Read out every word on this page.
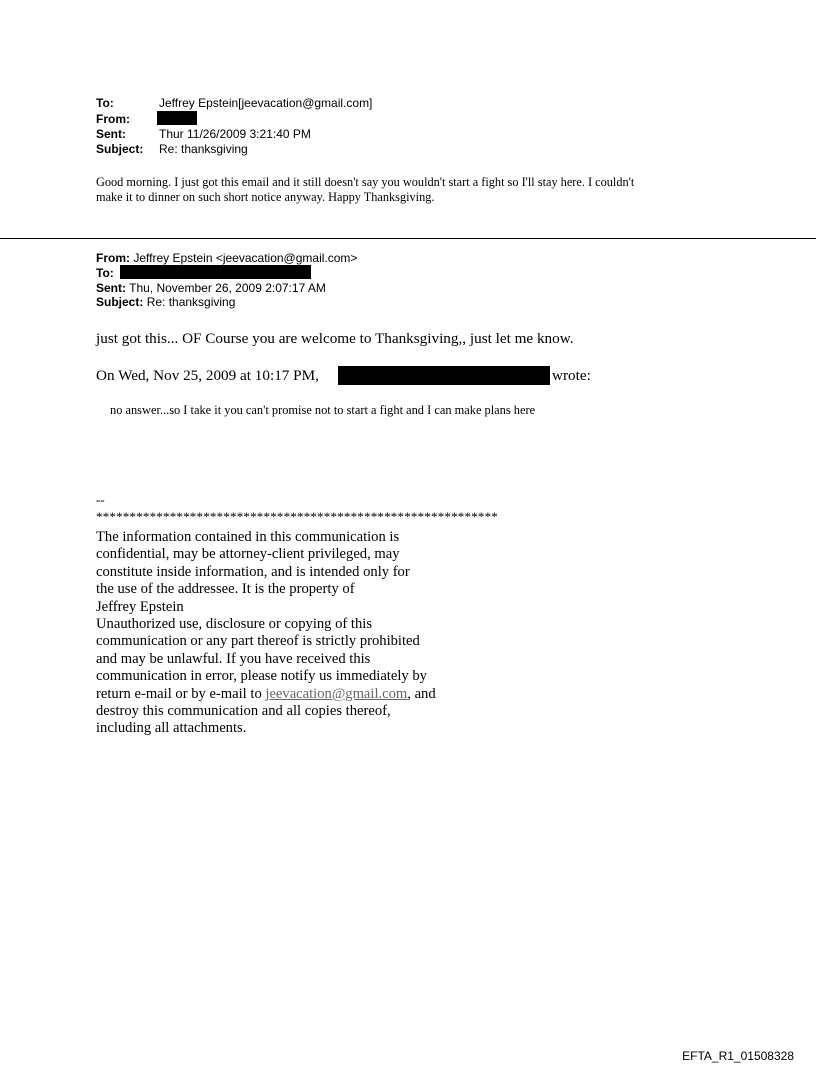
To:	Jeffrey Epstein[jeevacation@gmail.com]
From:
Sent:	Thur 11/26/2009 3:21:40 PM
Subject: Re: thanksgiving
Good morning. I just got this email and it still doesn't say you wouldn't start a fight so I'll stay here. I couldn't
make it to dinner on such short notice anyway. Happy Thanksgiving.
From: Jeffrey Epstein <jeevacation@gmail.com>
To:
Sent: Thu, November 26, 2009 2:07:17 AM
Subject: Re: thanksgiving
just got this... OF Course you are welcome to Thanksgiving,, just let me know.
On Wed, Nov 25, 2009 at 10:17 PM,	wrote:
no answer...so I take it you can't promise not to start a fight and I can make plans here
--
************************************************************
The information contained in this communication is
confidential, may be attorney-client privileged, may
constitute inside information, and is intended only for
the use of the addressee. It is the property of
Jeffrey Epstein
Unauthorized use, disclosure or copying of this
communication or any part thereof is strictly prohibited
and may be unlawful. If you have received this
communication in error, please notify us immediately by
return e-mail or by e-mail to jeevacation@gmail.com, and
destroy this communication and all copies thereof,
including all attachments.
EFTA_R1_01508328
